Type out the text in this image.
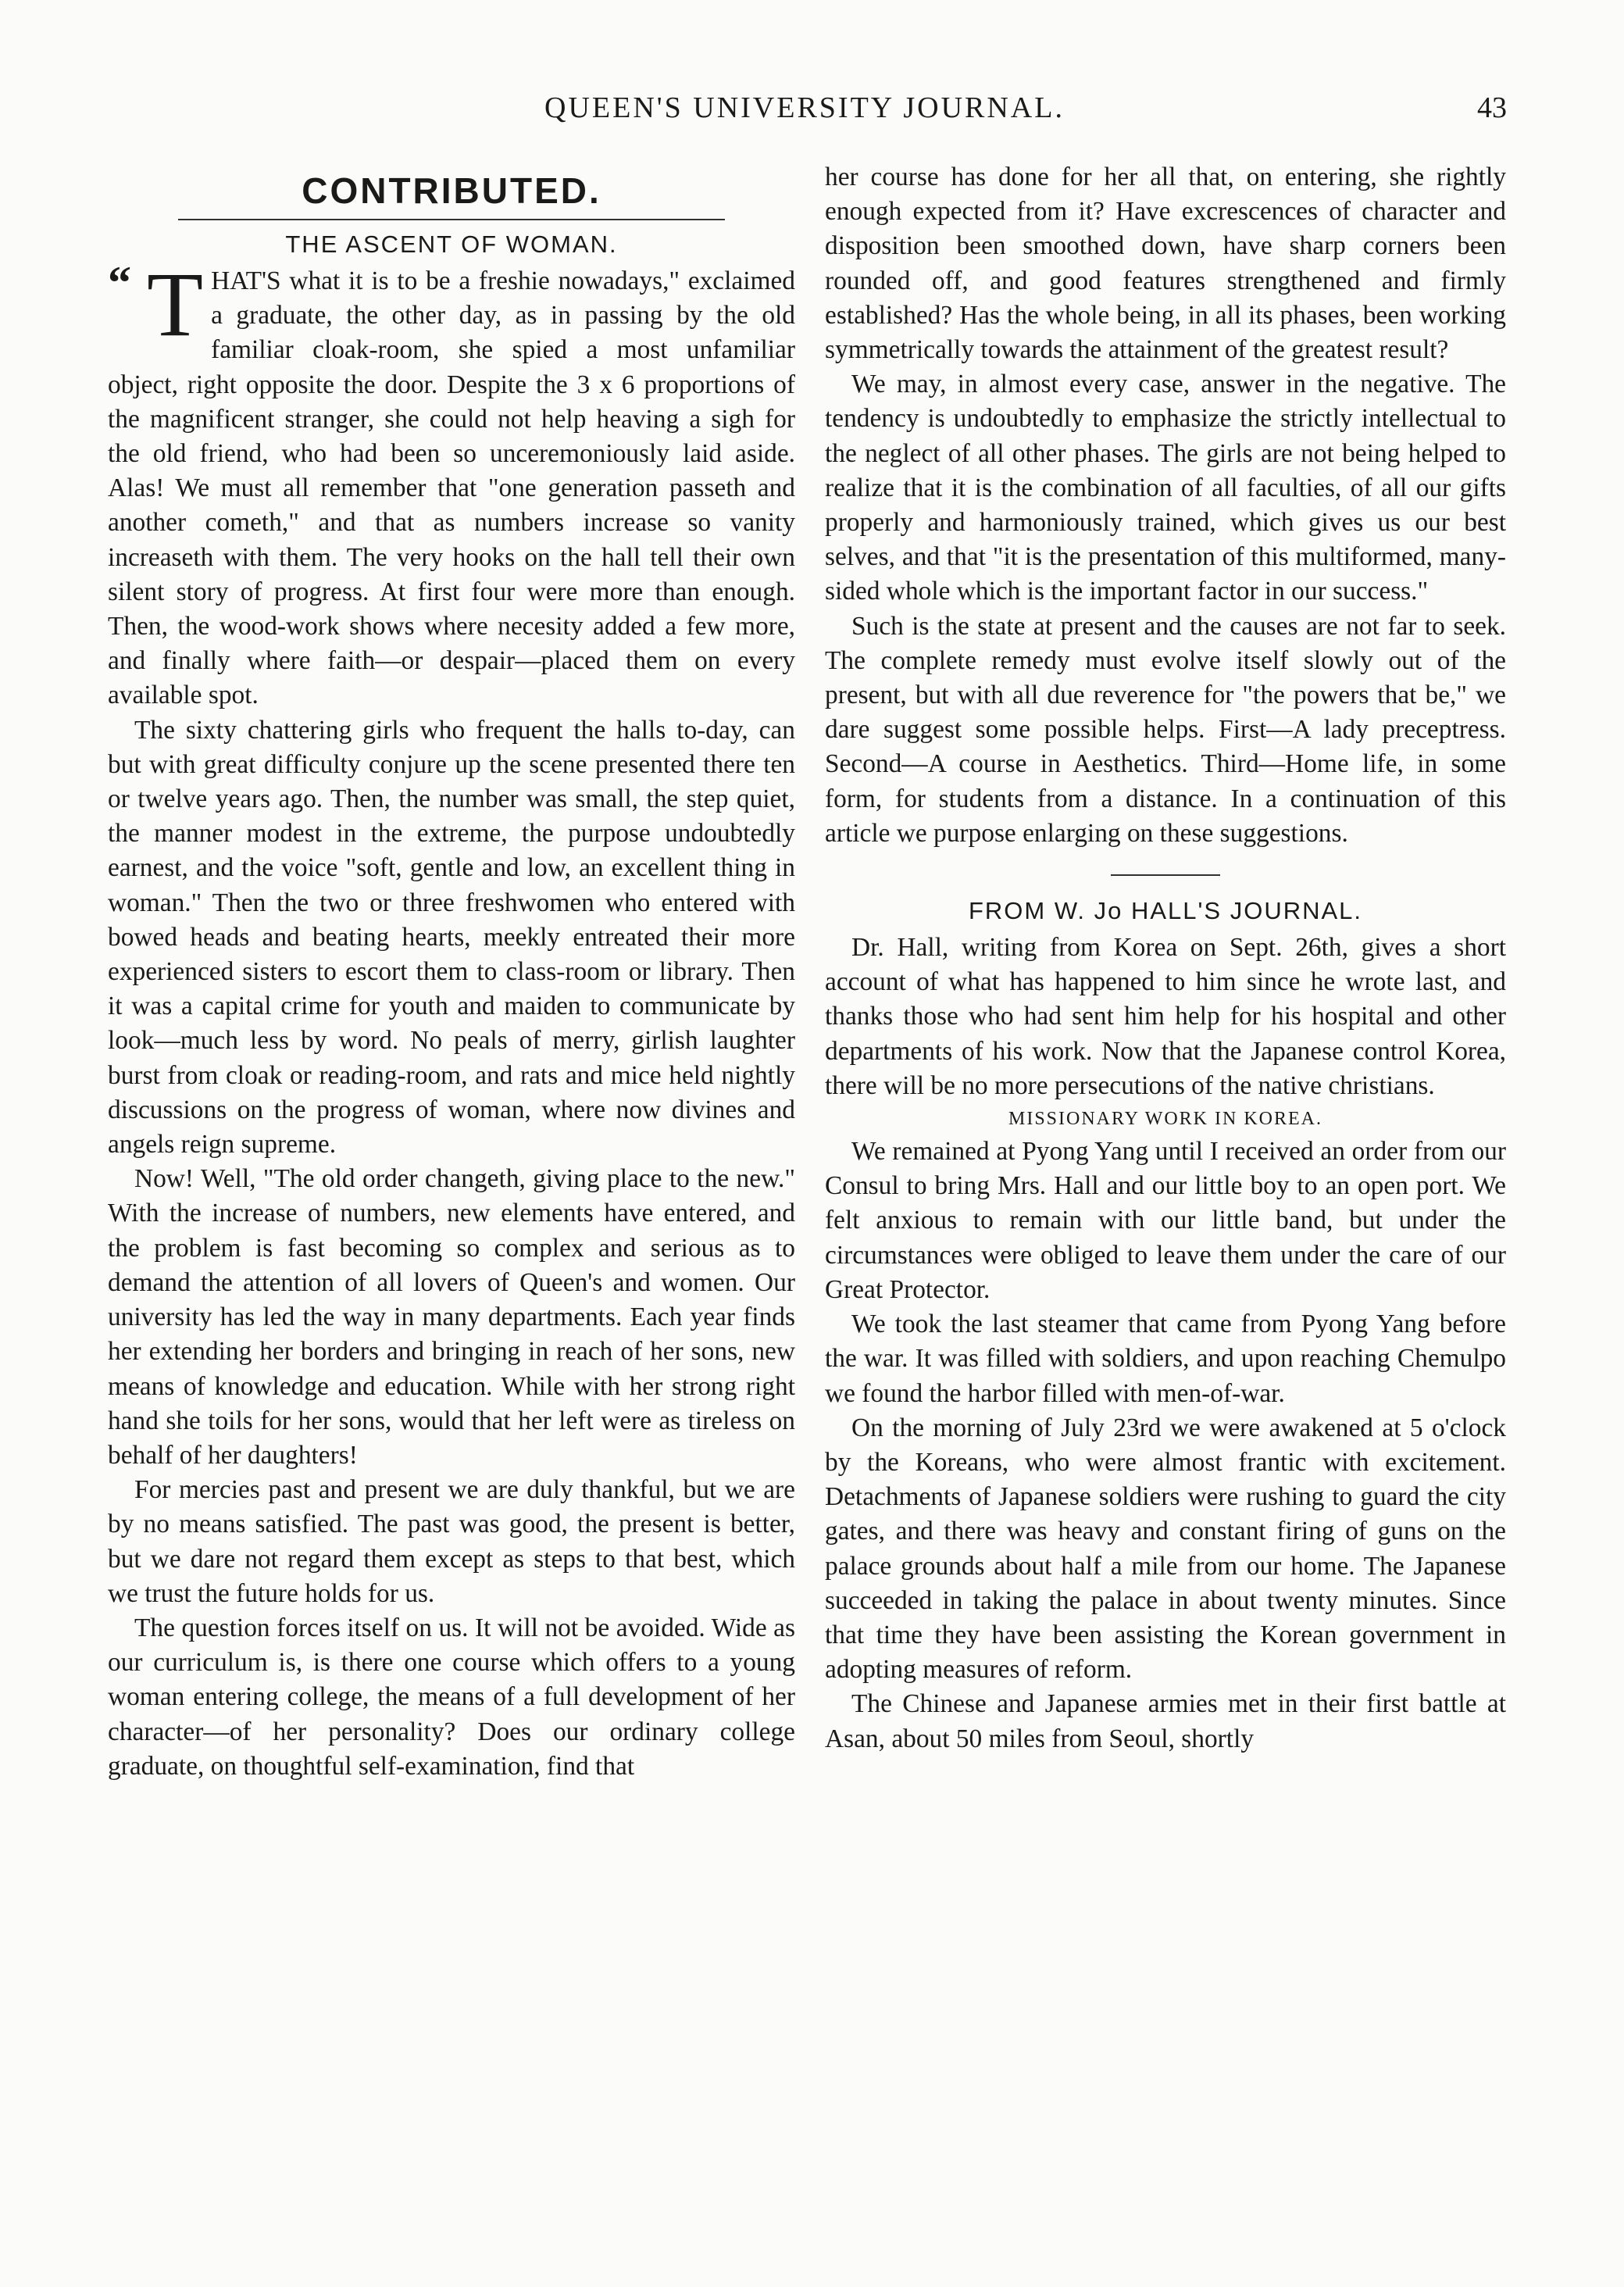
QUEEN'S UNIVERSITY JOURNAL.	43
CONTRIBUTED.
THE ASCENT OF WOMAN.
“ T HAT'S what it is to be a freshie nowadays," exclaimed a graduate, the other day, as in passing by the old familiar cloak-room, she spied a most unfamiliar object, right opposite the door. Despite the 3 x 6 proportions of the magnificent stranger, she could not help heaving a sigh for the old friend, who had been so unceremoniously laid aside. Alas! We must all remember that "one generation passeth and another cometh," and that as numbers increase so vanity increaseth with them. The very hooks on the hall tell their own silent story of progress. At first four were more than enough. Then, the wood-work shows where necesity added a few more, and finally where faith—or despair—placed them on every available spot.

The sixty chattering girls who frequent the halls to-day, can but with great difficulty conjure up the scene presented there ten or twelve years ago. Then, the number was small, the step quiet, the manner modest in the extreme, the purpose undoubtedly earnest, and the voice "soft, gentle and low, an excellent thing in woman." Then the two or three freshwomen who entered with bowed heads and beating hearts, meekly entreated their more experienced sisters to escort them to class-room or library. Then it was a capital crime for youth and maiden to communicate by look—much less by word. No peals of merry, girlish laughter burst from cloak or reading-room, and rats and mice held nightly discussions on the progress of woman, where now divines and angels reign supreme.

Now! Well, "The old order changeth, giving place to the new." With the increase of numbers, new elements have entered, and the problem is fast becoming so complex and serious as to demand the attention of all lovers of Queen's and women. Our university has led the way in many departments. Each year finds her extending her borders and bringing in reach of her sons, new means of knowledge and education. While with her strong right hand she toils for her sons, would that her left were as tireless on behalf of her daughters!

For mercies past and present we are duly thankful, but we are by no means satisfied. The past was good, the present is better, but we dare not regard them except as steps to that best, which we trust the future holds for us.

The question forces itself on us. It will not be avoided. Wide as our curriculum is, is there one course which offers to a young woman entering college, the means of a full development of her character—of her personality? Does our ordinary college graduate, on thoughtful self-examination, find that

her course has done for her all that, on entering, she rightly enough expected from it? Have excrescences of character and disposition been smoothed down, have sharp corners been rounded off, and good features strengthened and firmly established? Has the whole being, in all its phases, been working symmetrically towards the attainment of the greatest result?

We may, in almost every case, answer in the negative. The tendency is undoubtedly to emphasize the strictly intellectual to the neglect of all other phases. The girls are not being helped to realize that it is the combination of all faculties, of all our gifts properly and harmoniously trained, which gives us our best selves, and that "it is the presentation of this multiformed, many-sided whole which is the important factor in our success."

Such is the state at present and the causes are not far to seek. The complete remedy must evolve itself slowly out of the present, but with all due reverence for "the powers that be," we dare suggest some possible helps. First—A lady preceptress. Second—A course in Aesthetics. Third—Home life, in some form, for students from a distance. In a continuation of this article we purpose enlarging on these suggestions.

FROM W. Jo HALL'S JOURNAL.

Dr. Hall, writing from Korea on Sept. 26th, gives a short account of what has happened to him since he wrote last, and thanks those who had sent him help for his hospital and other departments of his work. Now that the Japanese control Korea, there will be no more persecutions of the native christians.

MISSIONARY WORK IN KOREA.

We remained at Pyong Yang until I received an order from our Consul to bring Mrs. Hall and our little boy to an open port. We felt anxious to remain with our little band, but under the circumstances were obliged to leave them under the care of our Great Protector.

We took the last steamer that came from Pyong Yang before the war. It was filled with soldiers, and upon reaching Chemulpo we found the harbor filled with men-of-war.

On the morning of July 23rd we were awakened at 5 o'clock by the Koreans, who were almost frantic with excitement. Detachments of Japanese soldiers were rushing to guard the city gates, and there was heavy and constant firing of guns on the palace grounds about half a mile from our home. The Japanese succeeded in taking the palace in about twenty minutes. Since that time they have been assisting the Korean government in adopting measures of reform.

The Chinese and Japanese armies met in their first battle at Asan, about 50 miles from Seoul, shortly
